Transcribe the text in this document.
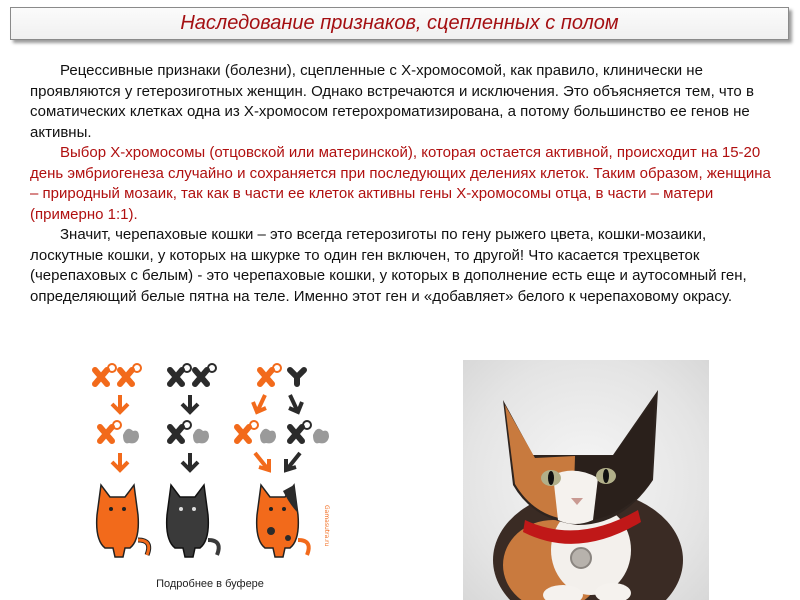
Наследование признаков, сцепленных с полом

Рецессивные признаки (болезни), сцепленные с Х-хромосомой, как правило, клинически не проявляются у гетерозиготных женщин. Однако встречаются и исключения. Это объясняется тем, что в соматических клетках одна из Х-хромосом гетерохроматизирована, а потому большинство ее генов не активны.

Выбор Х-хромосомы (отцовской или материнской), которая остается активной, происходит на 15-20 день эмбриогенеза случайно и сохраняется при последующих делениях клеток. Таким образом, женщина – природный мозаик, так как в части ее клеток активны гены Х-хромосомы отца, в части – матери (примерно 1:1).

Значит, черепаховые кошки – это всегда гетерозиготы по гену рыжего цвета, кошки-мозаики, лоскутные кошки, у которых на шкурке то один ген включен, то другой! Что касается трехцветок (черепаховых с белым) - это черепаховые кошки, у которых в дополнение есть еще и аутосомный ген, определяющий белые пятна на теле. Именно этот ген и «добавляет» белого к черепаховому окрасу.

Gamasutra.ru
Подробнее в буфере
